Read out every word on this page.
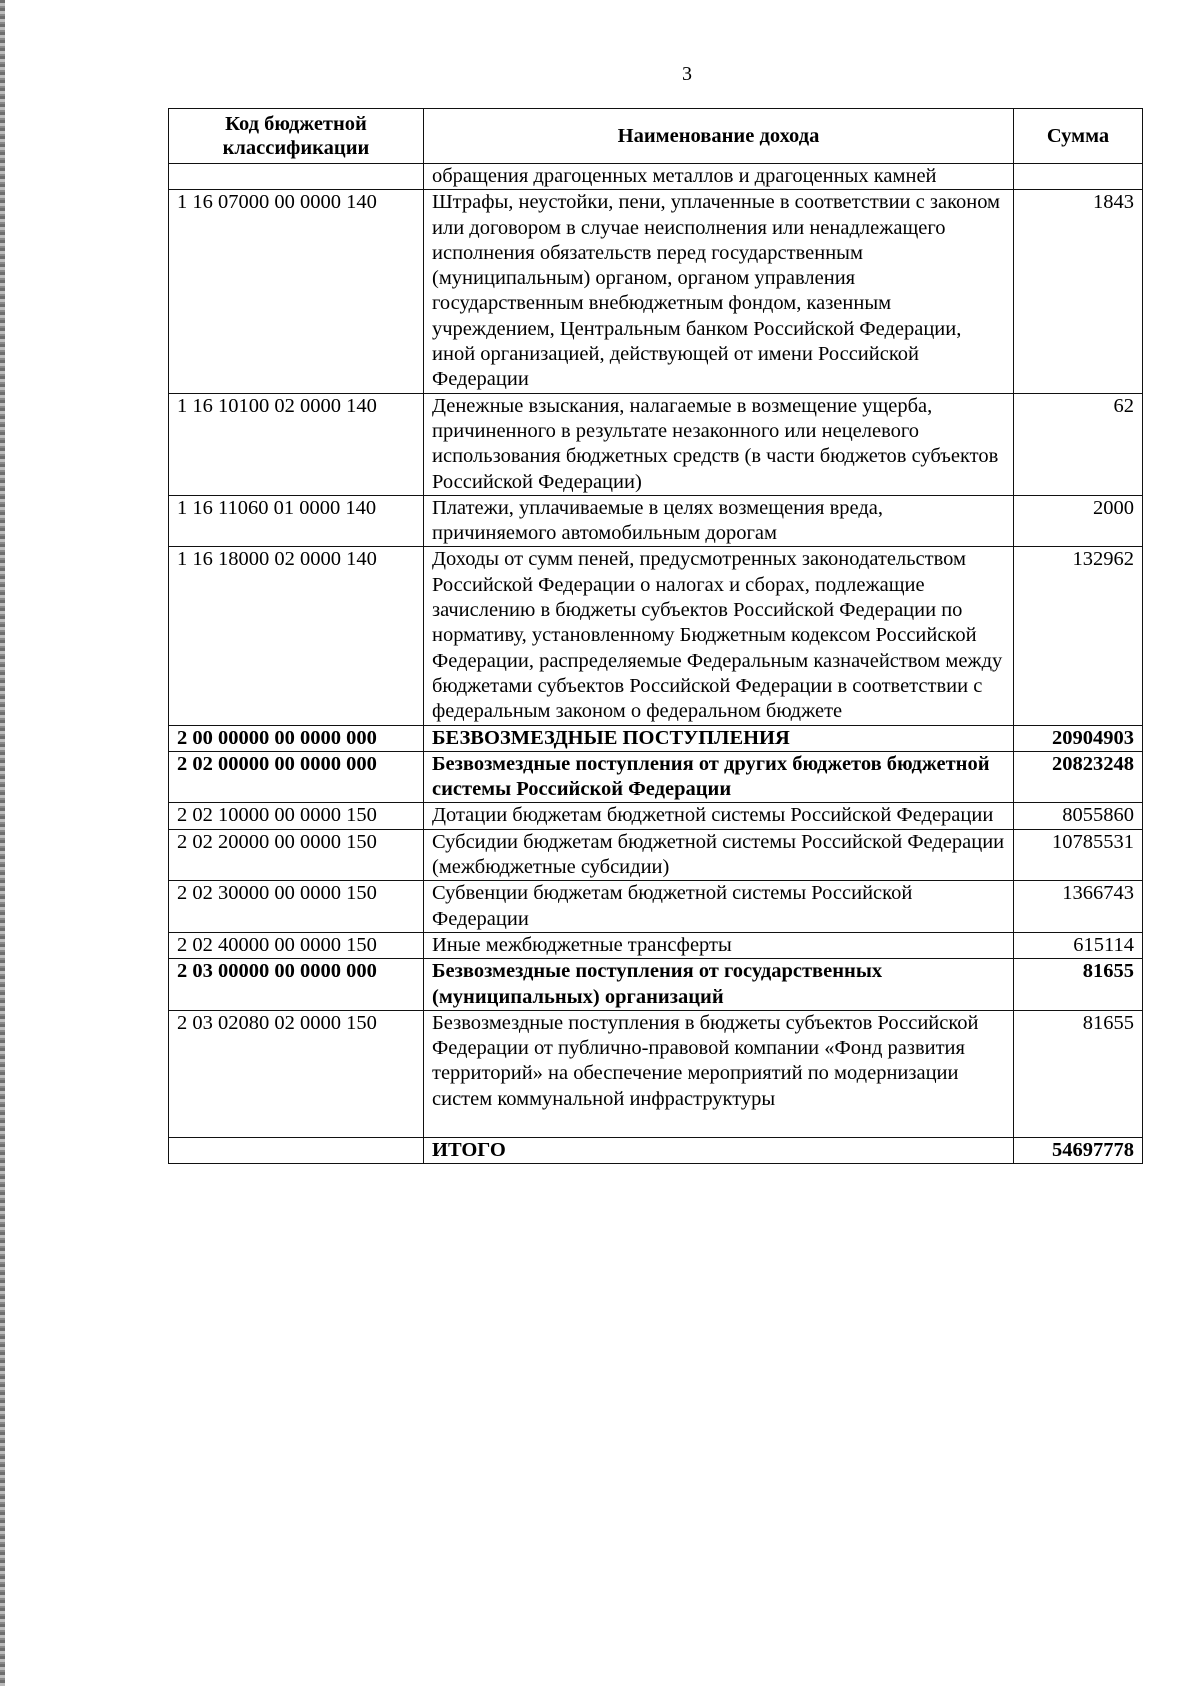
3
Код бюджетной классификации	Наименование дохода	Сумма
	обращения драгоценных металлов и драгоценных камней	
1 16 07000 00 0000 140	Штрафы, неустойки, пени, уплаченные в соответствии с законом или договором в случае неисполнения или ненадлежащего исполнения обязательств перед государственным (муниципальным) органом, органом управления государственным внебюджетным фондом, казенным учреждением, Центральным банком Российской Федерации, иной организацией, действующей от имени Российской Федерации	1843
1 16 10100 02 0000 140	Денежные взыскания, налагаемые в возмещение ущерба, причиненного в результате незаконного или нецелевого использования бюджетных средств (в части бюджетов субъектов Российской Федерации)	62
1 16 11060 01 0000 140	Платежи, уплачиваемые в целях возмещения вреда, причиняемого автомобильным дорогам	2000
1 16 18000 02 0000 140	Доходы от сумм пеней, предусмотренных законодательством Российской Федерации о налогах и сборах, подлежащие зачислению в бюджеты субъектов Российской Федерации по нормативу, установленному Бюджетным кодексом Российской Федерации, распределяемые Федеральным казначейством между бюджетами субъектов Российской Федерации в соответствии с федеральным законом о федеральном бюджете	132962
2 00 00000 00 0000 000	БЕЗВОЗМЕЗДНЫЕ ПОСТУПЛЕНИЯ	20904903
2 02 00000 00 0000 000	Безвозмездные поступления от других бюджетов бюджетной системы Российской Федерации	20823248
2 02 10000 00 0000 150	Дотации бюджетам бюджетной системы Российской Федерации	8055860
2 02 20000 00 0000 150	Субсидии бюджетам бюджетной системы Российской Федерации (межбюджетные субсидии)	10785531
2 02 30000 00 0000 150	Субвенции бюджетам бюджетной системы Российской Федерации	1366743
2 02 40000 00 0000 150	Иные межбюджетные трансферты	615114
2 03 00000 00 0000 000	Безвозмездные поступления от государственных (муниципальных) организаций	81655
2 03 02080 02 0000 150	Безвозмездные поступления в бюджеты субъектов Российской Федерации от публично-правовой компании «Фонд развития территорий» на обеспечение мероприятий по модернизации систем коммунальной инфраструктуры	81655
	ИТОГО	54697778
